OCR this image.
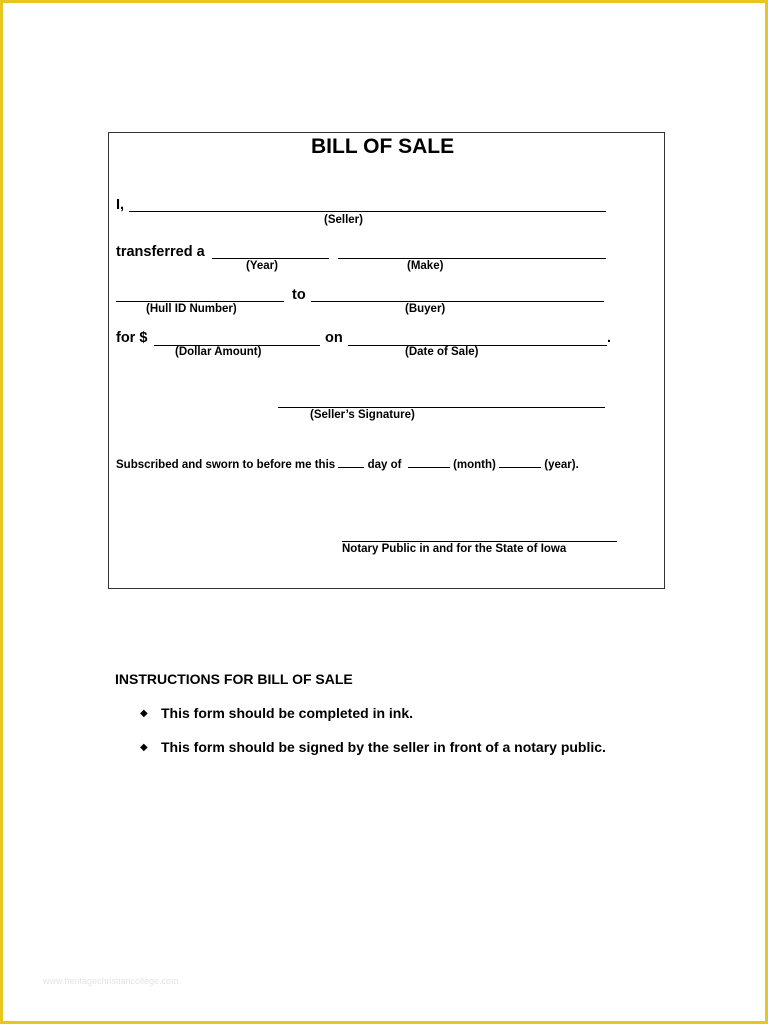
BILL OF SALE
I,
(Seller)
transferred a
(Year)	(Make)
to
(Hull ID Number)	(Buyer)
for $	on	.
(Dollar Amount)	(Date of Sale)
(Seller’s Signature)
Subscribed and sworn to before me this	day of	(month)	(year).
Notary Public in and for the State of Iowa
INSTRUCTIONS FOR BILL OF SALE
◆ This form should be completed in ink.
◆ This form should be signed by the seller in front of a notary public.
www.heritagechristiancollege.com
